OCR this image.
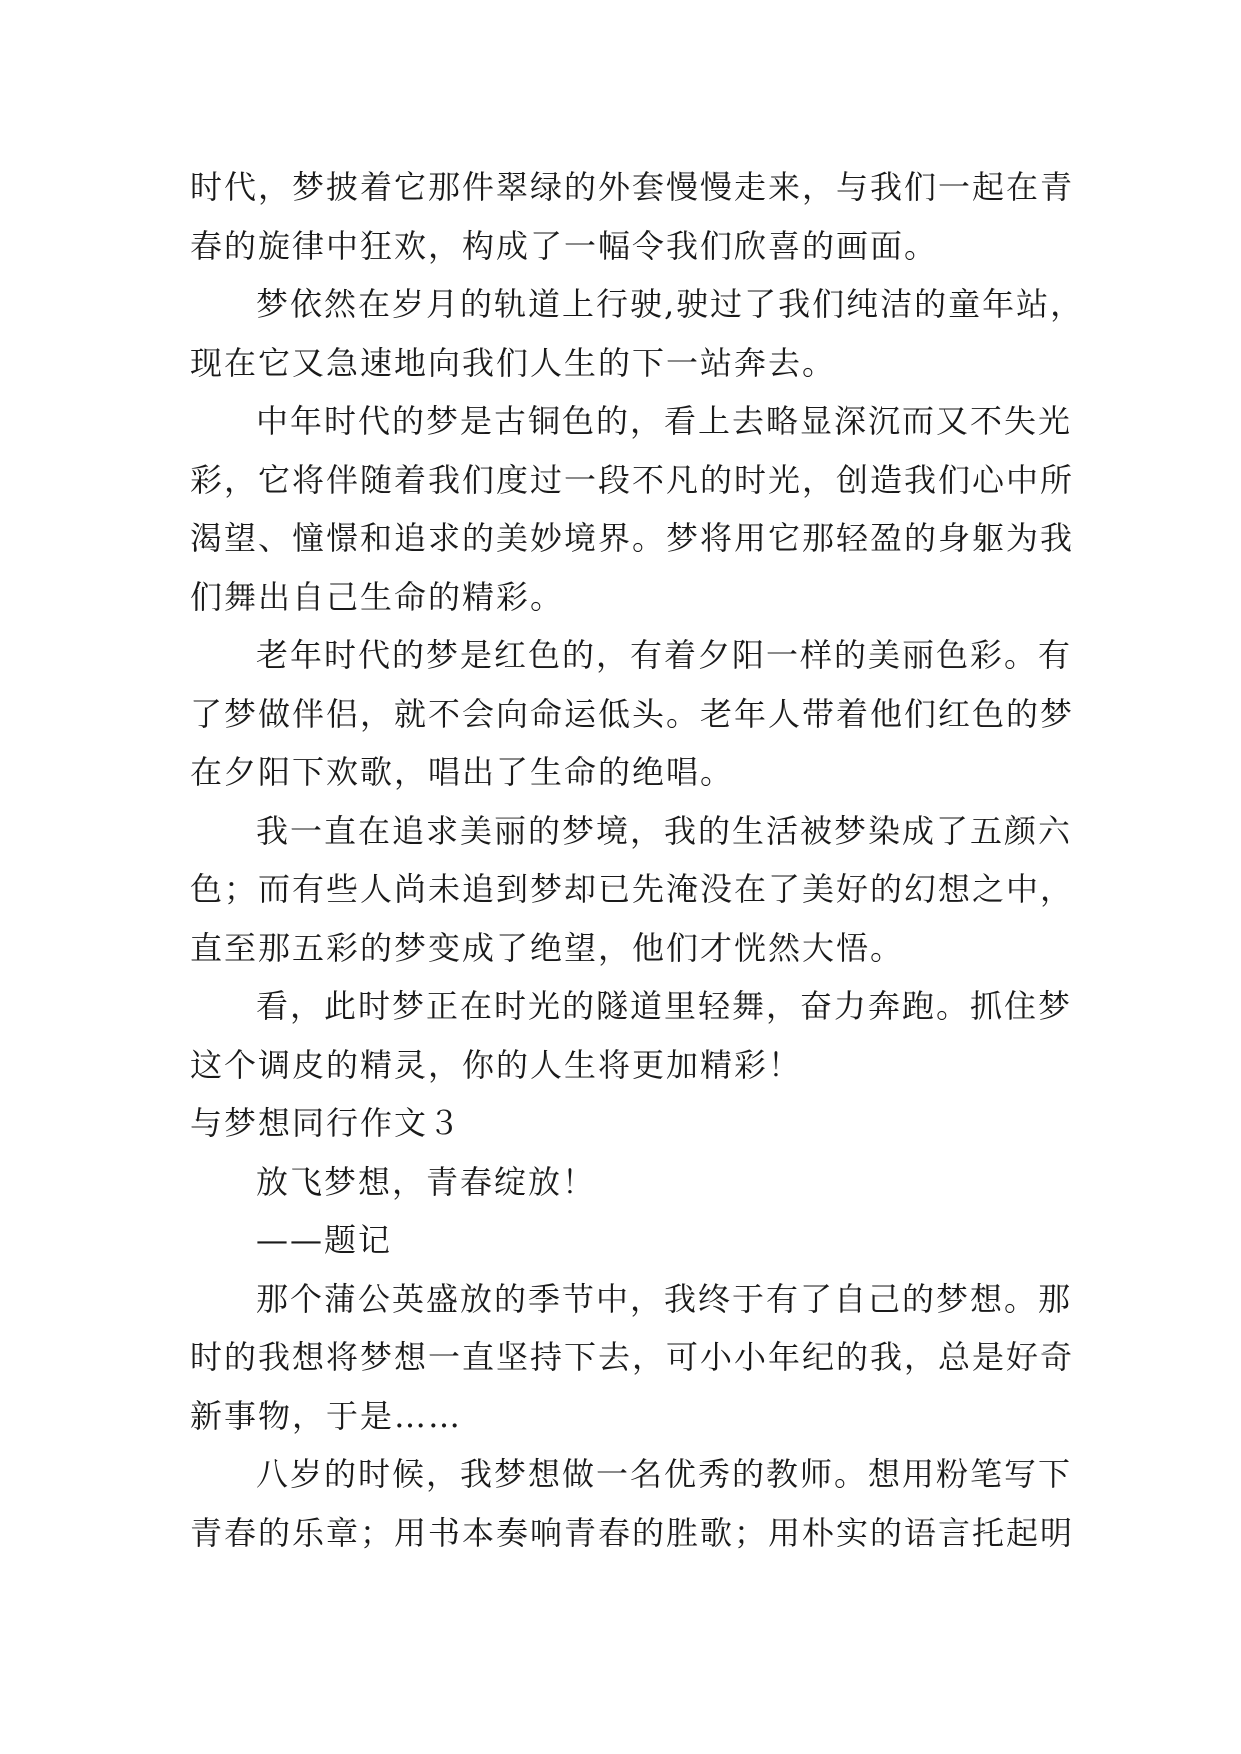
时代，梦披着它那件翠绿的外套慢慢走来，与我们一起在青
春的旋律中狂欢，构成了一幅令我们欣喜的画面。
梦依然在岁月的轨道上行驶,驶过了我们纯洁的童年站，
现在它又急速地向我们人生的下一站奔去。
中年时代的梦是古铜色的，看上去略显深沉而又不失光
彩，它将伴随着我们度过一段不凡的时光，创造我们心中所
渴望、憧憬和追求的美妙境界。梦将用它那轻盈的身躯为我
们舞出自己生命的精彩。
老年时代的梦是红色的，有着夕阳一样的美丽色彩。有
了梦做伴侣，就不会向命运低头。老年人带着他们红色的梦
在夕阳下欢歌，唱出了生命的绝唱。
我一直在追求美丽的梦境，我的生活被梦染成了五颜六
色；而有些人尚未追到梦却已先淹没在了美好的幻想之中，
直至那五彩的梦变成了绝望，他们才恍然大悟。
看，此时梦正在时光的隧道里轻舞，奋力奔跑。抓住梦
这个调皮的精灵，你的人生将更加精彩！
与梦想同行作文３
放飞梦想，青春绽放！
——题记
那个蒲公英盛放的季节中，我终于有了自己的梦想。那
时的我想将梦想一直坚持下去，可小小年纪的我，总是好奇
新事物，于是……
八岁的时候，我梦想做一名优秀的教师。想用粉笔写下
青春的乐章；用书本奏响青春的胜歌；用朴实的语言托起明
